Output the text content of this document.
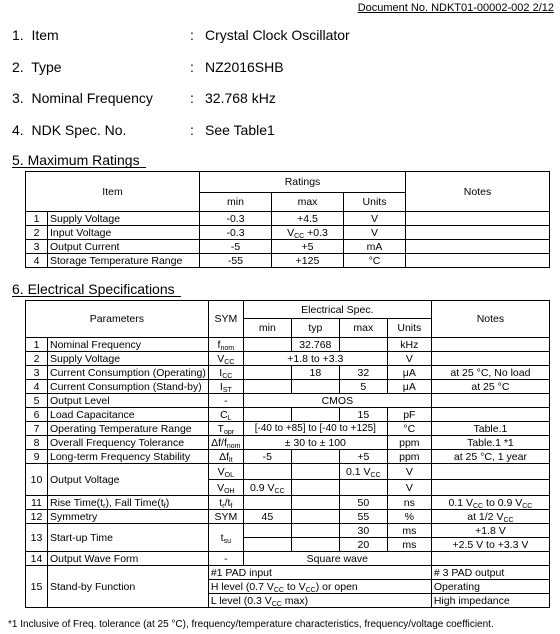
Document No. NDKT01-00002-002 2/12
1. Item	: Crystal Clock Oscillator
2. Type	: NZ2016SHB
3. Nominal Frequency	: 32.768 kHz
4. NDK Spec. No.	: See Table1
5. Maximum Ratings
Item		Ratings			Notes
		min	max	Units	
1	Supply Voltage	-0.3	+4.5	V	
2	Input Voltage	-0.3	$V_{CC} +0.3$	V	
3	Output Current	-5	+5	mA	
4	Storage Temperature Range	-55	+125	°C	
6. Electrical Specifications
Parameters		SYM	Electrical Spec.				Notes
			min	typ	max	Units	
1	Nominal Frequency	$f_{nom}$		32.768		kHz	
2	Supply Voltage	$V_{CC}$	+1.8 to +3.3			V	
3	Current Consumption (Operating)	$I_{CC}$		18	32	μA	at 25 °C, No load
4	Current Consumption (Stand-by)	$I_{ST}$			5	μA	at 25 °C
5	Output Level	-	CMOS				
6	Load Capacitance	$C_L$			15	pF	
7	Operating Temperature Range	$T_{opr}$	[-40 to +85] to [-40 to +125]			°C	Table.1
8	Overall Frequency Tolerance	$\Delta f/f_{nom}$	± 30 to ± 100			ppm	Table.1 *1
9	Long-term Frequency Stability	$\Delta f_{lt}$	-5		+5	ppm	at 25 °C, 1 year
10	Output Voltage	$V_{OL}$			0.1 $V_{CC}$	V	
		$V_{OH}$	0.9 $V_{CC}$			V	
11	Rise $Time(t_r)$, Fall $Time(t_f)$	$t_r/t_f$			50	ns	0.1 $V_{CC}$ to 0.9 $V_{CC}$
12	Symmetry	SYM	45		55	%	at 1/2 $V_{CC}$
13	Start-up Time	$t_{su}$			30	ms	+1.8 V
					20	ms	+2.5 V to +3.3 V
14	Output Wave Form	-	Square wave				
15	Stand-by Function	#1 PAD input					# 3 PAD output
		H level (0.7 $V_{CC}$ to $V_{CC}$) or open					Operating
		L level (0.3 $V_{CC}$ max)					High impedance
*1 Inclusive of Freq. tolerance (at 25 °C), frequency/temperature characteristics, frequency/voltage coefficient.
